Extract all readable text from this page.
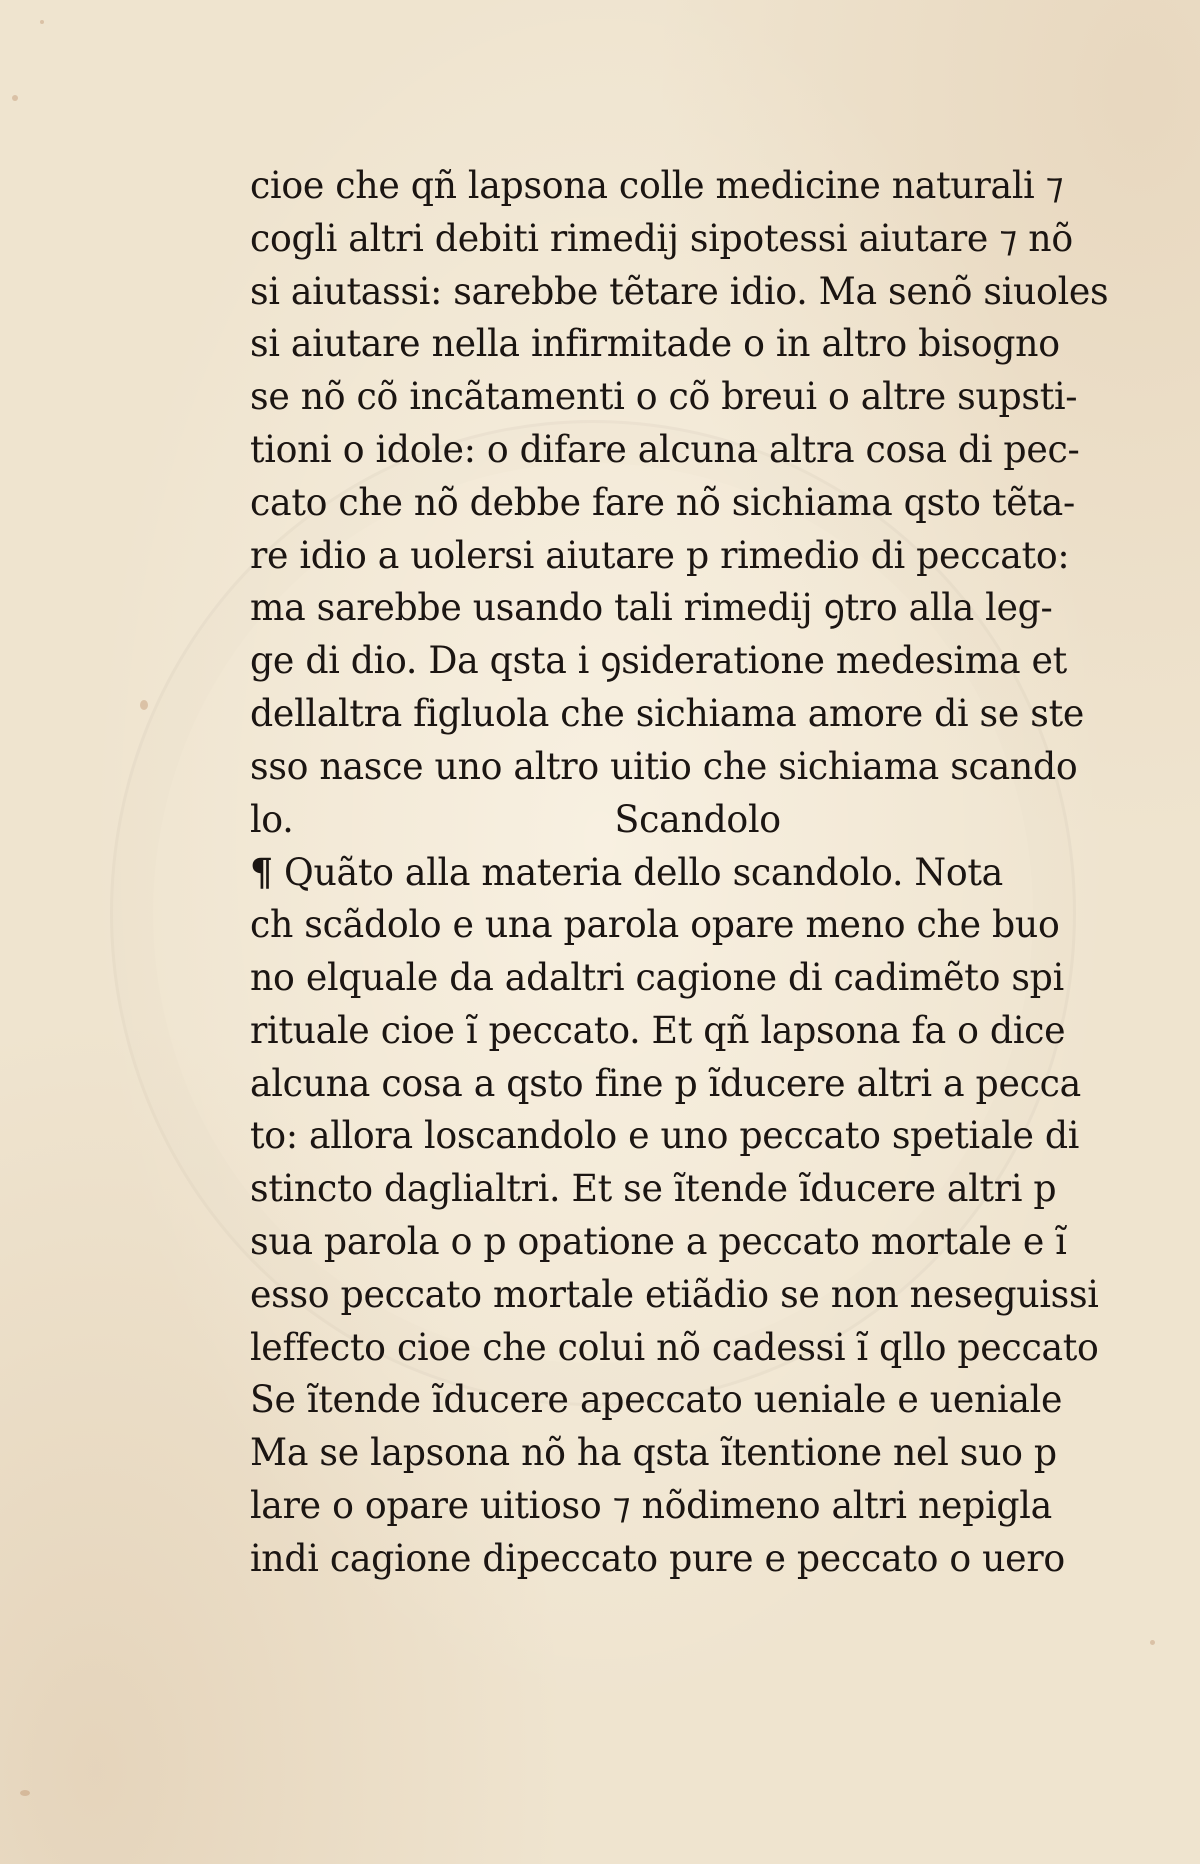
cioe che qñ lapsona colle medicine naturali ⁊
cogli altri debiti rimedij sipotessi aiutare ⁊ nõ
si aiutassi: sarebbe tẽtare idio. Ma senõ siuoles
si aiutare nella infirmitade o in altro bisogno
se nõ cõ incãtamenti o cõ breui o altre supsti-
tioni o idole: o difare alcuna altra cosa di pec-
cato che nõ debbe fare nõ sichiama qsto tẽta-
re idio a uolersi aiutare p rimedio di peccato:
ma sarebbe usando tali rimedij ꝯtro alla leg-
ge di dio. Da qsta i ꝯsideratione medesima et
dellaltra figluola che sichiama amore di se ste
sso nasce uno altro uitio che sichiama scando
lo.	Scandolo
¶ Quãto alla materia dello scandolo. Nota
ch scãdolo e una parola opare meno che buo
no elquale da adaltri cagione di cadimẽto spi
rituale cioe ĩ peccato. Et qñ lapsona fa o dice
alcuna cosa a qsto fine p ĩducere altri a pecca
to: allora loscandolo e uno peccato spetiale di
stincto daglialtri. Et se ĩtende ĩducere altri p
sua parola o p opatione a peccato mortale e ĩ
esso peccato mortale etiãdio se non neseguissi
leffecto cioe che colui nõ cadessi ĩ qllo peccato
Se ĩtende ĩducere apeccato ueniale e ueniale
Ma se lapsona nõ ha qsta ĩtentione nel suo p
lare o opare uitioso ⁊ nõdimeno altri nepigla
indi cagione dipeccato pure e peccato o uero
